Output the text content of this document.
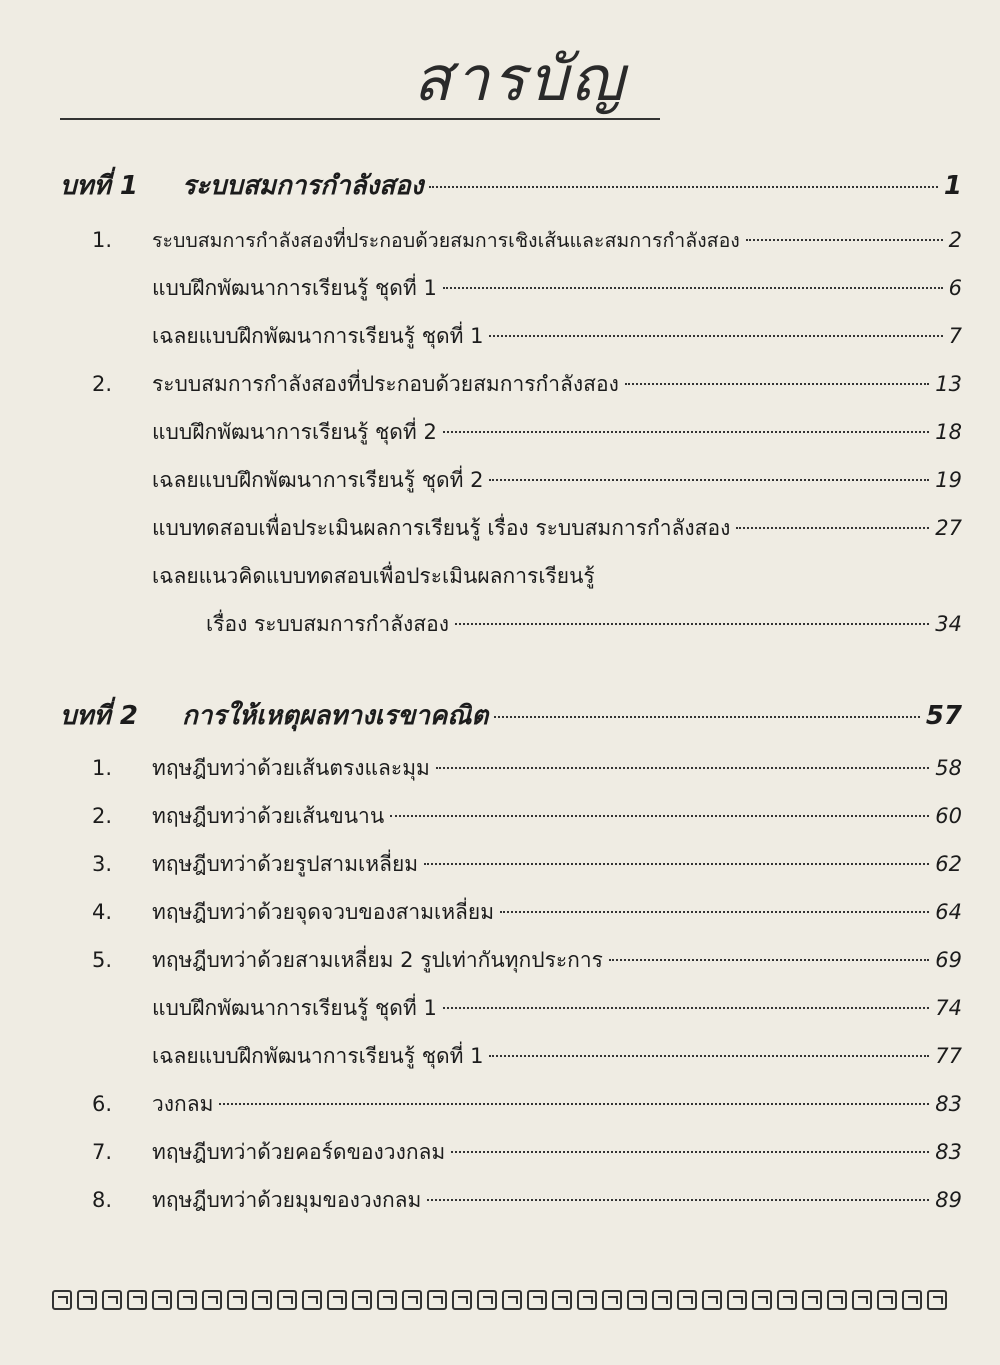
สารบัญ
บทที่ 1	ระบบสมการกำลังสอง	1
1.	ระบบสมการกำลังสองที่ประกอบด้วยสมการเชิงเส้นและสมการกำลังสอง	2
แบบฝึกพัฒนาการเรียนรู้ ชุดที่ 1	6
เฉลยแบบฝึกพัฒนาการเรียนรู้ ชุดที่ 1	7
2.	ระบบสมการกำลังสองที่ประกอบด้วยสมการกำลังสอง	13
แบบฝึกพัฒนาการเรียนรู้ ชุดที่ 2	18
เฉลยแบบฝึกพัฒนาการเรียนรู้ ชุดที่ 2	19
แบบทดสอบเพื่อประเมินผลการเรียนรู้ เรื่อง ระบบสมการกำลังสอง	27
เฉลยแนวคิดแบบทดสอบเพื่อประเมินผลการเรียนรู้
เรื่อง ระบบสมการกำลังสอง	34
บทที่ 2	การให้เหตุผลทางเรขาคณิต	57
1.	ทฤษฎีบทว่าด้วยเส้นตรงและมุม	58
2.	ทฤษฎีบทว่าด้วยเส้นขนาน	60
3.	ทฤษฎีบทว่าด้วยรูปสามเหลี่ยม	62
4.	ทฤษฎีบทว่าด้วยจุดจวบของสามเหลี่ยม	64
5.	ทฤษฎีบทว่าด้วยสามเหลี่ยม 2 รูปเท่ากันทุกประการ	69
แบบฝึกพัฒนาการเรียนรู้ ชุดที่ 1	74
เฉลยแบบฝึกพัฒนาการเรียนรู้ ชุดที่ 1	77
6.	วงกลม	83
7.	ทฤษฎีบทว่าด้วยคอร์ดของวงกลม	83
8.	ทฤษฎีบทว่าด้วยมุมของวงกลม	89
